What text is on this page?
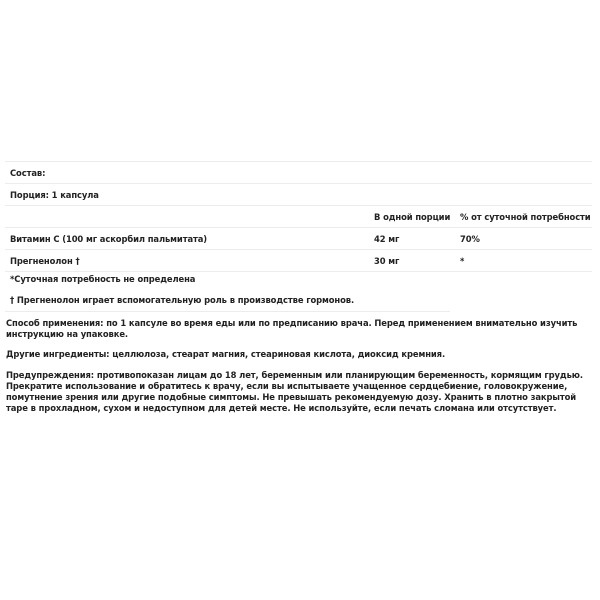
Состав:		
Порция: 1 капсула		
	В одной порции	% от суточной потребности
Витамин С (100 мг аскорбил пальмитата)	42 мг	70%
Прегненолон †	30 мг	*
*Суточная потребность не определена
† Прегненолон играет вспомогательную роль в производстве гормонов.

Способ применения: по 1 капсуле во время еды или по предписанию врача. Перед применением внимательно изучить инструкцию на упаковке.

Другие ингредиенты: целлюлоза, стеарат магния, стеариновая кислота, диоксид кремния.

Предупреждения: противопоказан лицам до 18 лет, беременным или планирующим беременность, кормящим грудью. Прекратите использование и обратитесь к врачу, если вы испытываете учащенное сердцебиение, головокружение, помутнение зрения или другие подобные симптомы. Не превышать рекомендуемую дозу. Хранить в плотно закрытой таре в прохладном, сухом и недоступном для детей месте. Не используйте, если печать сломана или отсутствует.
